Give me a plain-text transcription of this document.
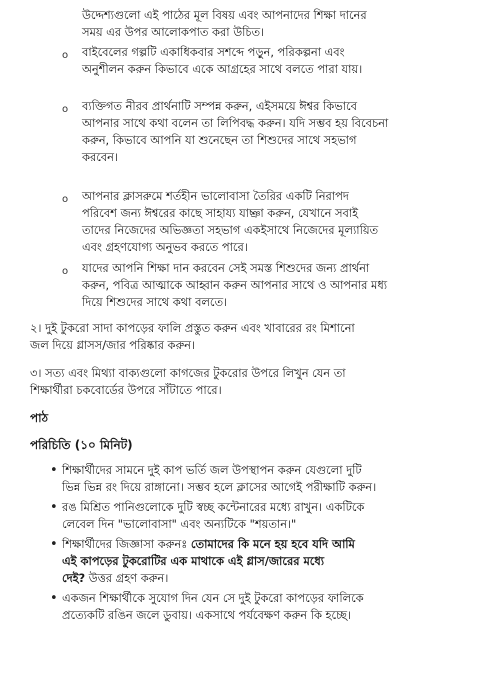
উদ্দেশ্যগুলো এই পাঠের মূল বিষয় এবং আপনাদের শিক্ষা দানের
সময় এর উপর আলোকপাত করা উচিত।
o বাইবেলের গল্পটি একাধিকবার সশব্দে পড়ুন, পরিকল্পনা এবং
অনুশীলন করুন কিভাবে একে আগ্রহের সাথে বলতে পারা যায়।
o ব্যক্তিগত নীরব প্রার্থনাটি সম্পন্ন করুন, এইসময়ে ঈশ্বর কিভাবে
আপনার সাথে কথা বলেন তা লিপিবদ্ধ করুন। যদি সম্ভব হয় বিবেচনা
করুন, কিভাবে আপনি যা শুনেছেন তা শিশুদের সাথে সহভাগ
করবেন।
o আপনার ক্লাসরুমে শর্তহীন ভালোবাসা তৈরির একটি নিরাপদ
পরিবেশ জন্য ঈশ্বরের কাছে সাহায্য যাচ্ঞা করুন, যেখানে সবাই
তাদের নিজেদের অভিজ্ঞতা সহভাগ একইসাথে নিজেদের মূল্যায়িত
এবং গ্রহণযোগ্য অনুভব করতে পারে।
o যাদের আপনি শিক্ষা দান করবেন সেই সমস্ত শিশুদের জন্য প্রার্থনা
করুন, পবিত্র আত্মাকে আহ্বান করুন আপনার সাথে ও আপনার মধ্য
দিয়ে শিশুদের সাথে কথা বলতে।
২। দুই টুকরো সাদা কাপড়ের ফালি প্রস্তুত করুন এবং খাবারের রং মিশানো
জল দিয়ে গ্লাসস/জার পরিষ্কার করুন।
৩। সত্য এবং মিথ্যা বাক্যগুলো কাগজের টুকরোর উপরে লিখুন যেন তা
শিক্ষার্থীরা চকবোর্ডের উপরে সাঁটাতে পারে।
পাঠ
পরিচিতি (১০ মিনিট)
• শিক্ষার্থীদের সামনে দুই কাপ ভর্তি জল উপস্থাপন করুন যেগুলো দুটি
ভিন্ন ভিন্ন রং দিয়ে রাঙ্গানো। সম্ভব হলে ক্লাসের আগেই পরীক্ষাটি করুন।
• রঙ মিশ্রিত পানিগুলোকে দুটি স্বচ্ছ কন্টেনারের মধ্যে রাখুন। একটিকে
লেবেল দিন "ভালোবাসা" এবং অন্যটিকে "শয়তান।"
• শিক্ষার্থীদের জিজ্ঞাসা করুনঃ তোমাদের কি মনে হয় হবে যদি আমি
এই কাপড়ের টুকরোটির এক মাথাকে এই গ্লাস/জারের মধ্যে
দেই? উত্তর গ্রহণ করুন।
• একজন শিক্ষার্থীকে সুযোগ দিন যেন সে দুই টুকরো কাপড়ের ফালিকে
প্রত্যেকটি রঙিন জলে ডুবায়। একসাথে পর্যবেক্ষণ করুন কি হচ্ছে।
